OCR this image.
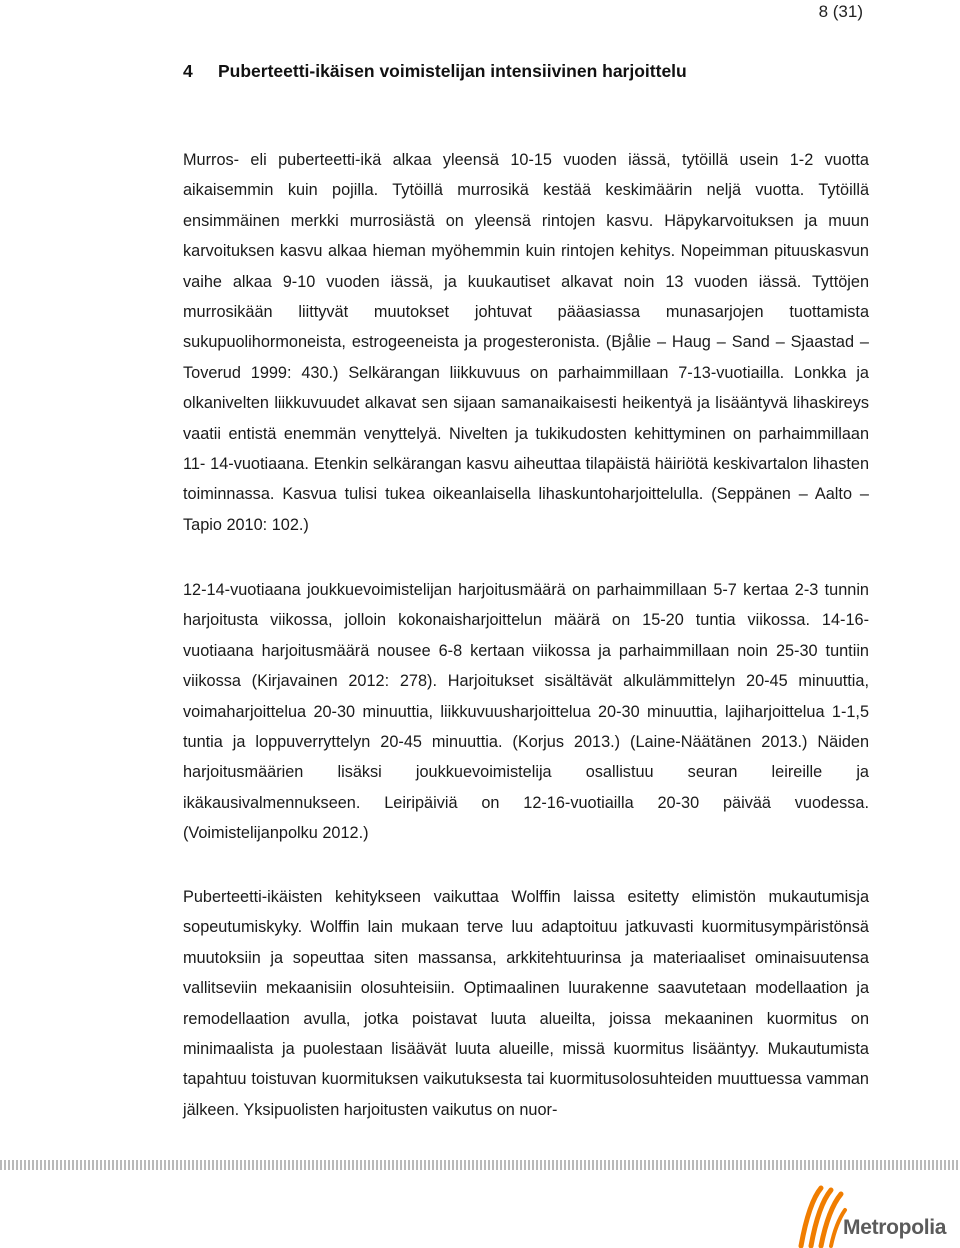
8 (31)
4 Puberteetti-ikäisen voimistelijan intensiivinen harjoittelu

Murros- eli puberteetti-ikä alkaa yleensä 10-15 vuoden iässä, tytöillä usein 1-2 vuotta aikaisemmin kuin pojilla. Tytöillä murrosikä kestää keskimäärin neljä vuotta. Tytöillä ensimmäinen merkki murrosiästä on yleensä rintojen kasvu. Häpykarvoituksen ja muun karvoituksen kasvu alkaa hieman myöhemmin kuin rintojen kehitys. Nopeimman pituuskasvun vaihe alkaa 9-10 vuoden iässä, ja kuukautiset alkavat noin 13 vuoden iässä. Tyttöjen murrosikään liittyvät muutokset johtuvat pääasiassa munasarjojen tuottamista sukupuolihormoneista, estrogeeneista ja progesteronista. (Bjålie – Haug – Sand – Sjaastad – Toverud 1999: 430.) Selkärangan liikkuvuus on parhaimmillaan 7-13-vuotiailla. Lonkka ja olkanivelten liikkuvuudet alkavat sen sijaan samanaikaisesti heikentyä ja lisääntyvä lihaskireys vaatii entistä enemmän venyttelyä. Nivelten ja tukikudosten kehittyminen on parhaimmillaan 11- 14-vuotiaana. Etenkin selkärangan kasvu aiheuttaa tilapäistä häiriötä keskivartalon lihasten toiminnassa. Kasvua tulisi tukea oikeanlaisella lihaskuntoharjoittelulla. (Seppänen – Aalto – Tapio 2010: 102.)

12-14-vuotiaana joukkuevoimistelijan harjoitusmäärä on parhaimmillaan 5-7 kertaa 2-3 tunnin harjoitusta viikossa, jolloin kokonaisharjoittelun määrä on 15-20 tuntia viikossa. 14-16-vuotiaana harjoitusmäärä nousee 6-8 kertaan viikossa ja parhaimmillaan noin 25-30 tuntiin viikossa (Kirjavainen 2012: 278). Harjoitukset sisältävät alkulämmittelyn 20-45 minuuttia, voimaharjoittelua 20-30 minuuttia, liikkuvuusharjoittelua 20-30 minuuttia, lajiharjoittelua 1-1,5 tuntia ja loppuverryttelyn 20-45 minuuttia. (Korjus 2013.) (Laine-Näätänen 2013.) Näiden harjoitusmäärien lisäksi joukkuevoimistelija osallistuu seuran leireille ja ikäkausivalmennukseen. Leiripäiviä on 12-16-vuotiailla 20-30 päivää vuodessa. (Voimistelijanpolku 2012.)

Puberteetti-ikäisten kehitykseen vaikuttaa Wolffin laissa esitetty elimistön mukautumisja sopeutumiskyky. Wolffin lain mukaan terve luu adaptoituu jatkuvasti kuormitusympäristönsä muutoksiin ja sopeuttaa siten massansa, arkkitehtuurinsa ja materiaaliset ominaisuutensa vallitseviin mekaanisiin olosuhteisiin. Optimaalinen luurakenne saavutetaan modellaation ja remodellaation avulla, jotka poistavat luuta alueilta, joissa mekaaninen kuormitus on minimaalista ja puolestaan lisäävät luuta alueille, missä kuormitus lisääntyy. Mukautumista tapahtuu toistuvan kuormituksen vaikutuksesta tai kuormitusolosuhteiden muuttuessa vamman jälkeen. Yksipuolisten harjoitusten vaikutus on nuor-

Metropolia
